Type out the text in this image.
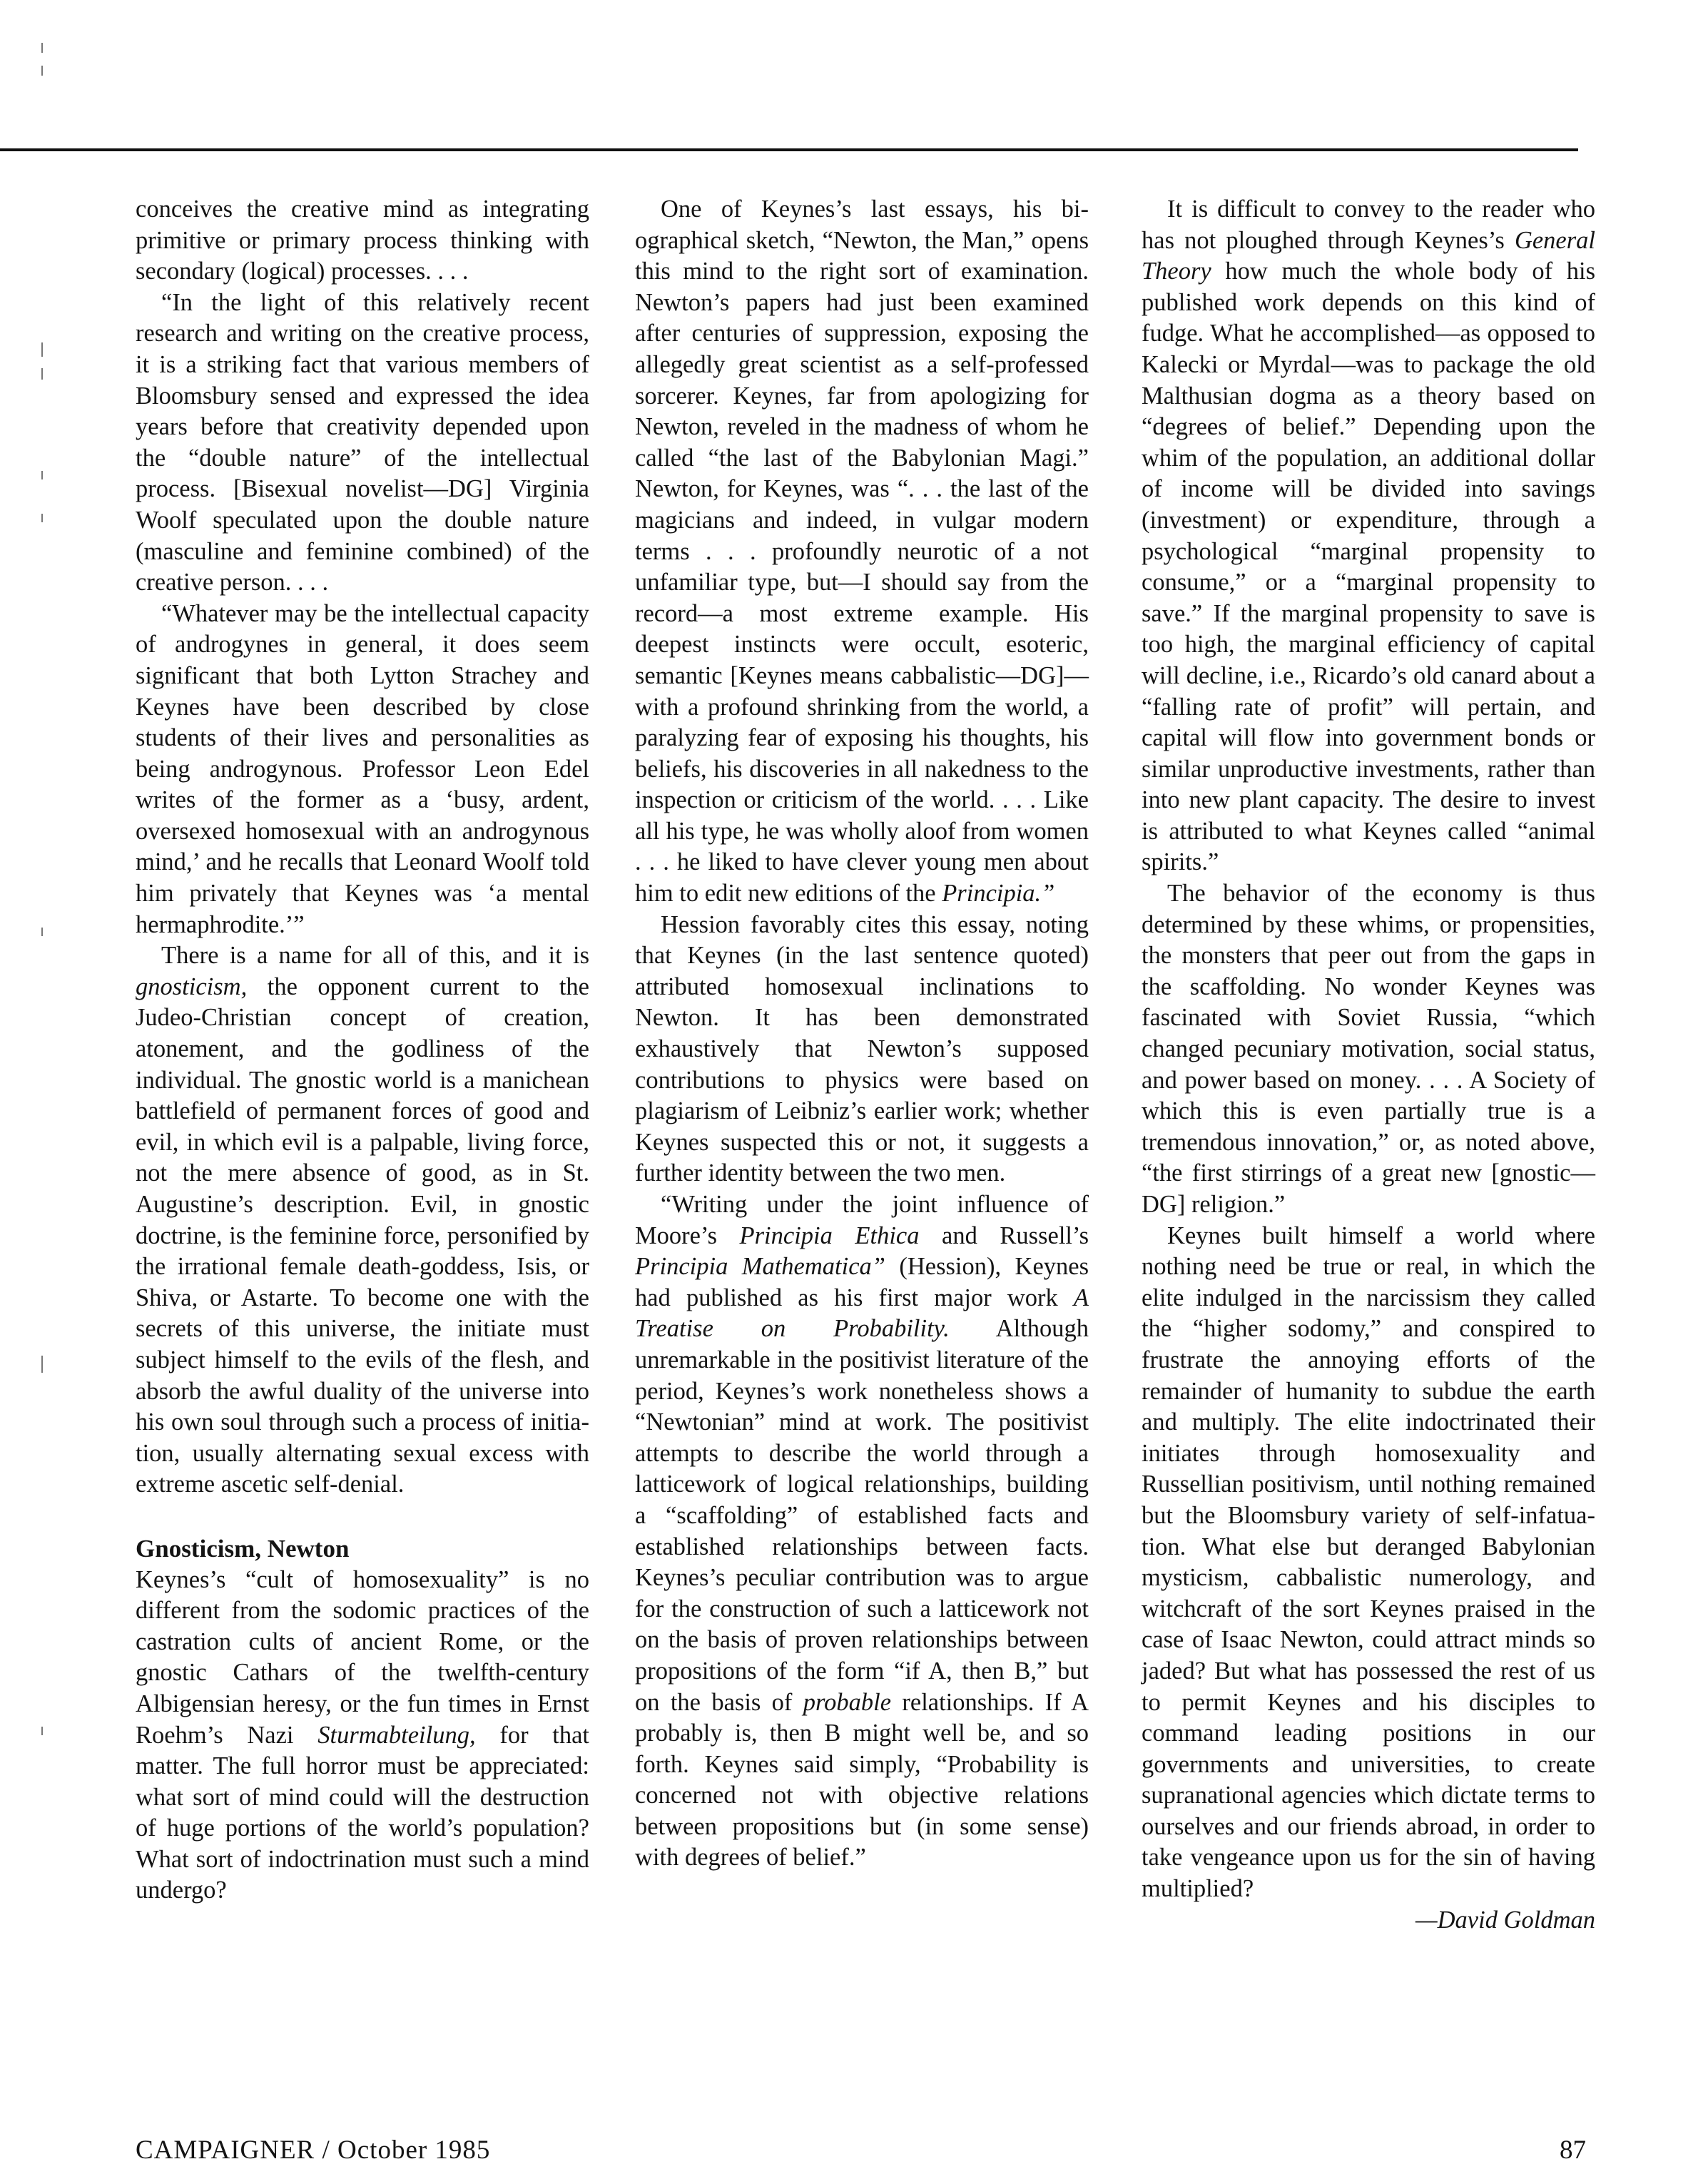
conceives the creative mind as integrating primitive or primary process thinking with secondary (logical) processes. . . .

“In the light of this relatively recent research and writing on the creative process, it is a striking fact that various members of Bloomsbury sensed and expressed the idea years before that creativity depended upon the “double nature” of the intellectual process. [Bisexual novelist—DG] Virginia Woolf speculated upon the double nature (masculine and feminine combined) of the creative person. . . .

“Whatever may be the intellectual capacity of androgynes in general, it does seem significant that both Lytton Strachey and Keynes have been described by close students of their lives and personalities as being androgynous. Professor Leon Edel writes of the former as a ‘busy, ardent, oversexed homosexual with an androgynous mind,’ and he recalls that Leonard Woolf told him privately that Keynes was ‘a mental hermaphrodite.’”

There is a name for all of this, and it is gnosticism, the opponent current to the Judeo-Christian concept of creation, atonement, and the godliness of the individual. The gnostic world is a manichean battlefield of permanent forces of good and evil, in which evil is a palpable, living force, not the mere absence of good, as in St. Augustine’s description. Evil, in gnostic doctrine, is the feminine force, personified by the irrational female death-goddess, Isis, or Shiva, or Astarte. To become one with the secrets of this universe, the initiate must subject himself to the evils of the flesh, and absorb the awful duality of the universe into his own soul through such a process of initiation, usually alternating sexual excess with extreme ascetic self-denial.

Gnosticism, Newton

Keynes’s “cult of homosexuality” is no different from the sodomic practices of the castration cults of ancient Rome, or the gnostic Cathars of the twelfth-century Albigensian heresy, or the fun times in Ernst Roehm’s Nazi Sturmabteilung, for that matter. The full horror must be appreciated: what sort of mind could will the destruction of huge portions of the world’s population? What sort of indoctrination must such a mind undergo?

One of Keynes’s last essays, his biographical sketch, “Newton, the Man,” opens this mind to the right sort of examination. Newton’s papers had just been examined after centuries of suppression, exposing the allegedly great scientist as a self-professed sorcerer. Keynes, far from apologizing for Newton, reveled in the madness of whom he called “the last of the Babylonian Magi.” Newton, for Keynes, was “. . . the last of the magicians and indeed, in vulgar modern terms . . . profoundly neurotic of a not unfamiliar type, but—I should say from the record—a most extreme example. His deepest instincts were occult, esoteric, semantic [Keynes means cabbalistic—DG]—with a profound shrinking from the world, a paralyzing fear of exposing his thoughts, his beliefs, his discoveries in all nakedness to the inspection or criticism of the world. . . . Like all his type, he was wholly aloof from women . . . he liked to have clever young men about him to edit new editions of the Principia.”

Hession favorably cites this essay, noting that Keynes (in the last sentence quoted) attributed homosexual inclinations to Newton. It has been demonstrated exhaustively that Newton’s supposed contributions to physics were based on plagiarism of Leibniz’s earlier work; whether Keynes suspected this or not, it suggests a further identity between the two men.

“Writing under the joint influence of Moore’s Principia Ethica and Russell’s Principia Mathematica” (Hession), Keynes had published as his first major work A Treatise on Probability. Although unremarkable in the positivist literature of the period, Keynes’s work nonetheless shows a “Newtonian” mind at work. The positivist attempts to describe the world through a latticework of logical relationships, building a “scaffolding” of established facts and established relationships between facts. Keynes’s peculiar contribution was to argue for the construction of such a latticework not on the basis of proven relationships between propositions of the form “if A, then B,” but on the basis of probable relationships. If A probably is, then B might well be, and so forth. Keynes said simply, “Probability is concerned not with objective relations between propositions but (in some sense) with degrees of belief.”

It is difficult to convey to the reader who has not ploughed through Keynes’s General Theory how much the whole body of his published work depends on this kind of fudge. What he accomplished—as opposed to Kalecki or Myrdal—was to package the old Malthusian dogma as a theory based on “degrees of belief.” Depending upon the whim of the population, an additional dollar of income will be divided into savings (investment) or expenditure, through a psychological “marginal propensity to consume,” or a “marginal propensity to save.” If the marginal propensity to save is too high, the marginal efficiency of capital will decline, i.e., Ricardo’s old canard about a “falling rate of profit” will pertain, and capital will flow into government bonds or similar unproductive investments, rather than into new plant capacity. The desire to invest is attributed to what Keynes called “animal spirits.”

The behavior of the economy is thus determined by these whims, or propensities, the monsters that peer out from the gaps in the scaffolding. No wonder Keynes was fascinated with Soviet Russia, “which changed pecuniary motivation, social status, and power based on money. . . . A Society of which this is even partially true is a tremendous innovation,” or, as noted above, “the first stirrings of a great new [gnostic—DG] religion.”

Keynes built himself a world where nothing need be true or real, in which the elite indulged in the narcissism they called the “higher sodomy,” and conspired to frustrate the annoying efforts of the remainder of humanity to subdue the earth and multiply. The elite indoctrinated their initiates through homosexuality and Russellian positivism, until nothing remained but the Bloomsbury variety of self-infatuation. What else but deranged Babylonian mysticism, cabbalistic numerology, and witchcraft of the sort Keynes praised in the case of Isaac Newton, could attract minds so jaded? But what has possessed the rest of us to permit Keynes and his disciples to command leading positions in our governments and universities, to create supranational agencies which dictate terms to ourselves and our friends abroad, in order to take vengeance upon us for the sin of having multiplied?

—David Goldman

CAMPAIGNER / October 1985	87
